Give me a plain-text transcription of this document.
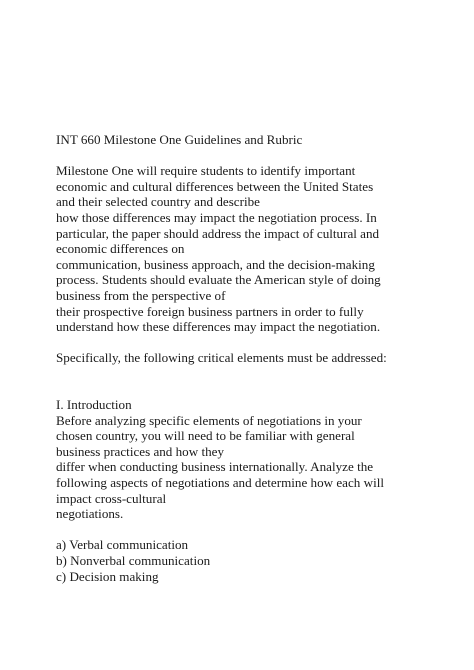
INT 660 Milestone One Guidelines and Rubric
Milestone One will require students to identify important
economic and cultural differences between the United States
and their selected country and describe
how those differences may impact the negotiation process. In
particular, the paper should address the impact of cultural and
economic differences on
communication, business approach, and the decision-making
process. Students should evaluate the American style of doing
business from the perspective of
their prospective foreign business partners in order to fully
understand how these differences may impact the negotiation.
Specifically, the following critical elements must be addressed:
I. Introduction
Before analyzing specific elements of negotiations in your
chosen country, you will need to be familiar with general
business practices and how they
differ when conducting business internationally. Analyze the
following aspects of negotiations and determine how each will
impact cross-cultural
negotiations.
a) Verbal communication
b) Nonverbal communication
c) Decision making
